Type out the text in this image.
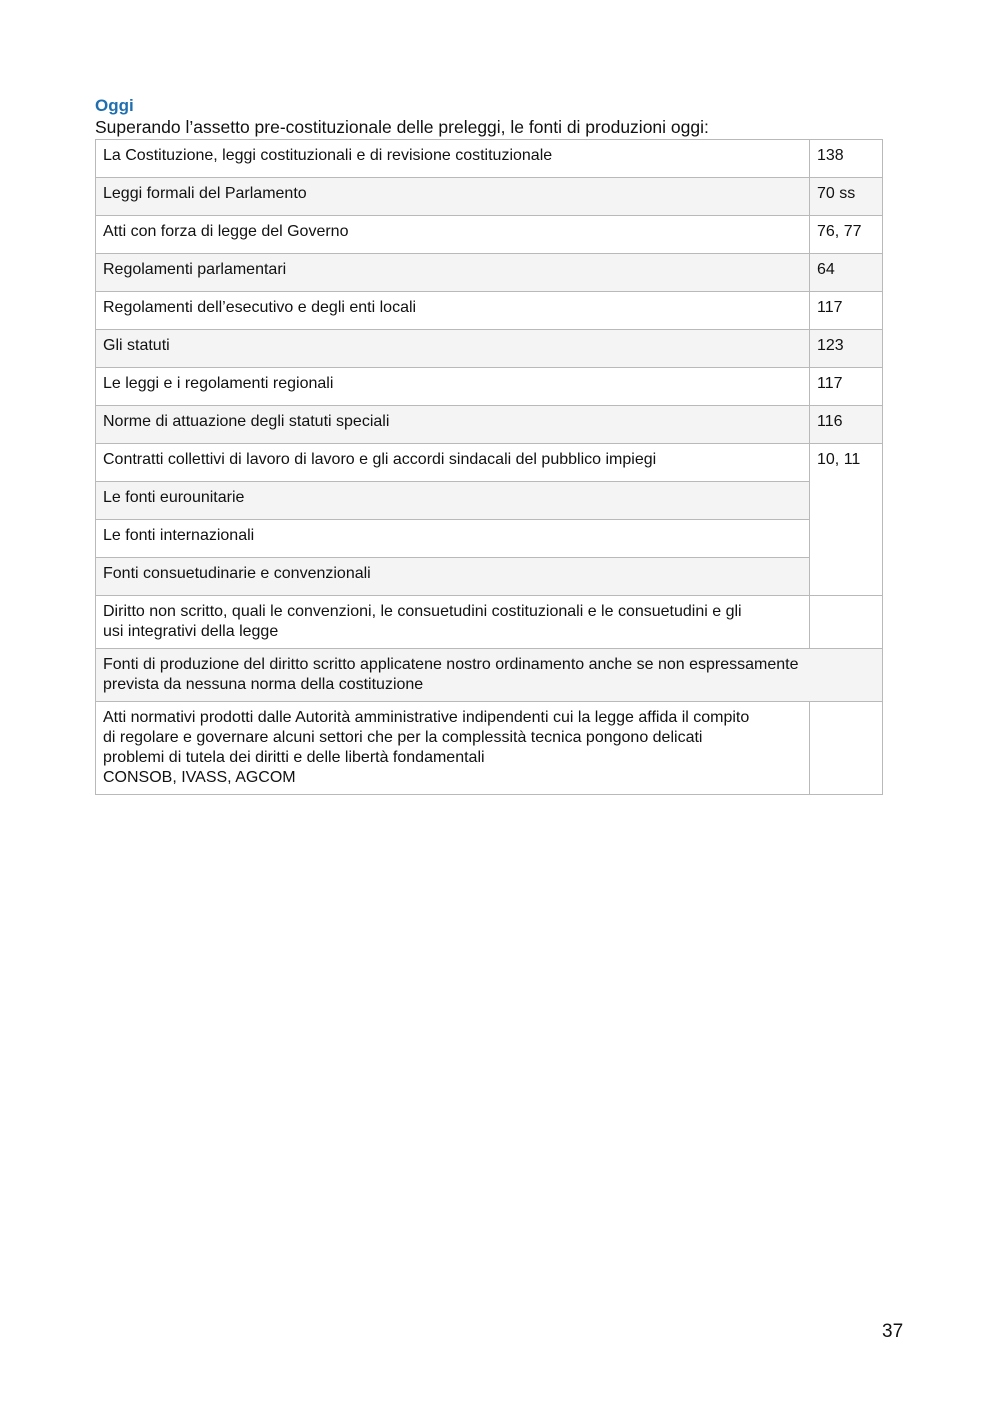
Oggi
Superando l’assetto pre-costituzionale delle preleggi, le fonti di produzioni oggi:
La Costituzione, leggi costituzionali e di revisione costituzionale	138
Leggi formali del Parlamento	70 ss
Atti con forza di legge del Governo	76, 77
Regolamenti parlamentari	64
Regolamenti dell’esecutivo e degli enti locali	117
Gli statuti	123
Le leggi e i regolamenti regionali	117
Norme di attuazione degli statuti speciali	116
Contratti collettivi di lavoro di lavoro e gli accordi sindacali del pubblico impiegi	10, 11
Le fonti eurounitarie	
Le fonti internazionali	
Fonti consuetudinarie e convenzionali	

Diritto non scritto, quali le convenzioni, le consuetudini costituzionali e le consuetudini e gli
usi integrativi della legge	

Fonti di produzione del diritto scritto applicatene nostro ordinamento anche se non espressamente
prevista da nessuna norma della costituzione	

Atti normativi prodotti dalle Autorità amministrative indipendenti cui la legge affida il compito
di regolare e governare alcuni settori che per la complessità tecnica pongono delicati
problemi di tutela dei diritti e delle libertà fondamentali
CONSOB, IVASS, AGCOM	

37
